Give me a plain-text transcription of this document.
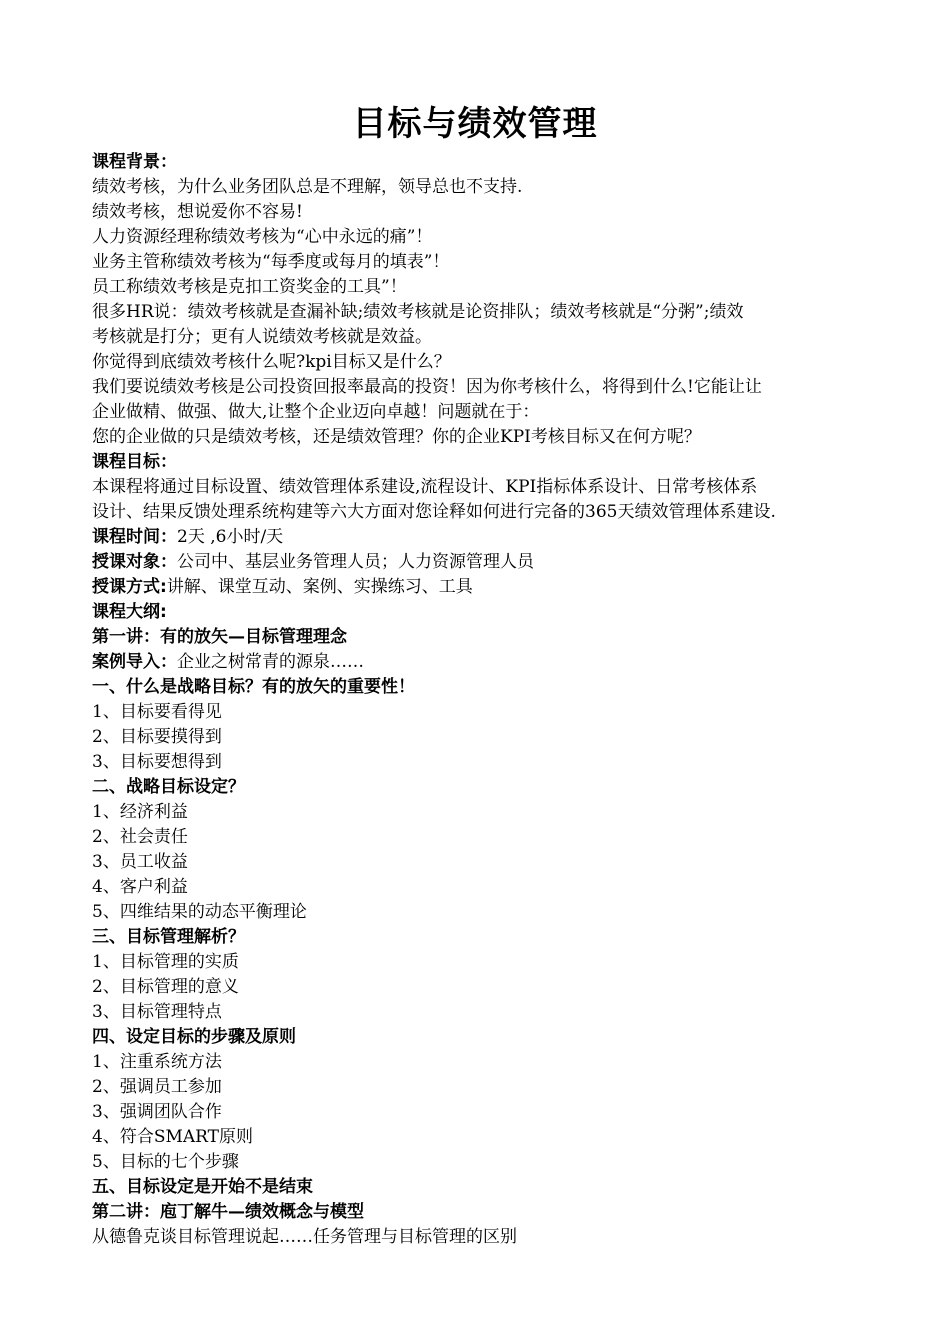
目标与绩效管理
课程背景：
绩效考核，为什么业务团队总是不理解，领导总也不支持.
绩效考核，想说爱你不容易!
人力资源经理称绩效考核为“心中永远的痛”！
业务主管称绩效考核为“每季度或每月的填表”！
员工称绩效考核是克扣工资奖金的工具”！
很多HR说：绩效考核就是查漏补缺;绩效考核就是论资排队；绩效考核就是“分粥”;绩效
考核就是打分；更有人说绩效考核就是效益。
你觉得到底绩效考核什么呢?kpi目标又是什么？
我们要说绩效考核是公司投资回报率最高的投资！因为你考核什么，将得到什么!它能让让
企业做精、做强、做大,让整个企业迈向卓越！问题就在于：
您的企业做的只是绩效考核，还是绩效管理？你的企业KPI考核目标又在何方呢？
课程目标：
本课程将通过目标设置、绩效管理体系建设,流程设计、KPI指标体系设计、日常考核体系
设计、结果反馈处理系统构建等六大方面对您诠释如何进行完备的365天绩效管理体系建设.
课程时间：2天 ,6小时/天
授课对象：公司中、基层业务管理人员；人力资源管理人员
授课方式:讲解、课堂互动、案例、实操练习、工具
课程大纲:
第一讲：有的放矢—目标管理理念
案例导入：企业之树常青的源泉……
一、什么是战略目标？有的放矢的重要性！
1、目标要看得见
2、目标要摸得到
3、目标要想得到
二、战略目标设定？
1、经济利益
2、社会责任
3、员工收益
4、客户利益
5、四维结果的动态平衡理论
三、目标管理解析？
1、目标管理的实质
2、目标管理的意义
3、目标管理特点
四、设定目标的步骤及原则
1、注重系统方法
2、强调员工参加
3、强调团队合作
4、符合SMART原则
5、目标的七个步骤
五、目标设定是开始不是结束
第二讲：庖丁解牛—绩效概念与模型
从德鲁克谈目标管理说起……任务管理与目标管理的区别
